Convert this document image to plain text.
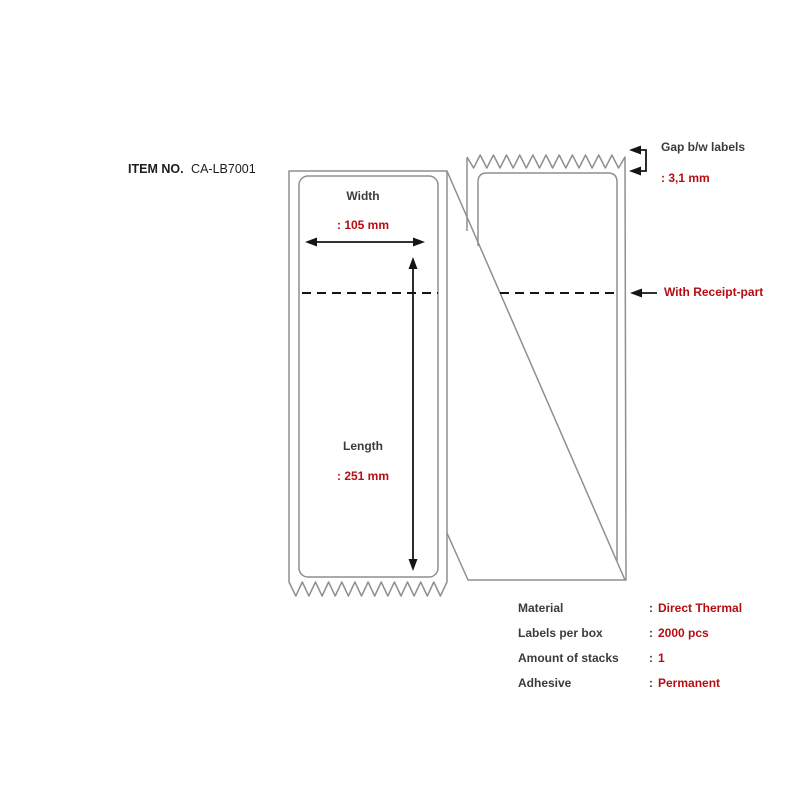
ITEM NO. CA-LB7001
Width
: 105 mm
Length
: 251 mm
Gap b/w labels
: 3,1 mm
With Receipt-part
Material	: Direct Thermal
Labels per box	: 2000 pcs
Amount of stacks	: 1
Adhesive	: Permanent
